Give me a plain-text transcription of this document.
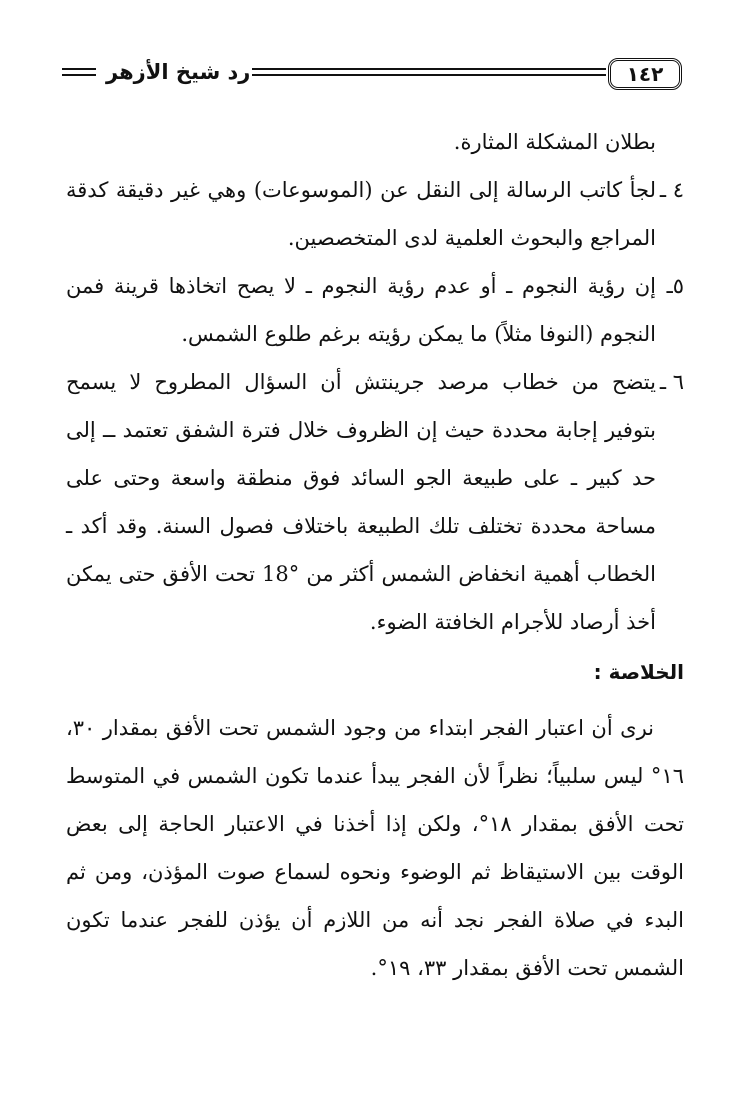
رد شيخ الأزهر	١٤٢

بطلان المشكلة المثارة.

٤ ـ
لجأ كاتب الرسالة إلى النقل عن (الموسوعات) وهي غير دقيقة كدقة المراجع والبحوث العلمية لدى المتخصصين.
٥ـ
إن رؤية النجوم ـ أو عدم رؤية النجوم ـ لا يصح اتخاذها قرينة فمن النجوم (النوفا مثلاً) ما يمكن رؤيته برغم طلوع الشمس.
٦ ـ
يتضح من خطاب مرصد جرينتش أن السؤال المطروح لا يسمح بتوفير إجابة محددة حيث إن الظروف خلال فترة الشفق تعتمد ــ إلى حد كبير ـ على طبيعة الجو السائد فوق منطقة واسعة وحتى على مساحة محددة تختلف تلك الطبيعة باختلاف فصول السنة. وقد أكد ـ الخطاب أهمية انخفاض الشمس أكثر من °18 تحت الأفق حتى يمكن أخذ أرصاد للأجرام الخافتة الضوء.
الخلاصة :

نرى أن اعتبار الفجر ابتداء من وجود الشمس تحت الأفق بمقدار ٣٠، ١٦° ليس سلبياً؛ نظراً لأن الفجر يبدأ عندما تكون الشمس في المتوسط تحت الأفق بمقدار ١٨°، ولكن إذا أخذنا في الاعتبار الحاجة إلى بعض الوقت بين الاستيقاظ ثم الوضوء ونحوه لسماع صوت المؤذن، ومن ثم البدء في صلاة الفجر نجد أنه من اللازم أن يؤذن للفجر عندما تكون الشمس تحت الأفق بمقدار ٣٣، ١٩°.
